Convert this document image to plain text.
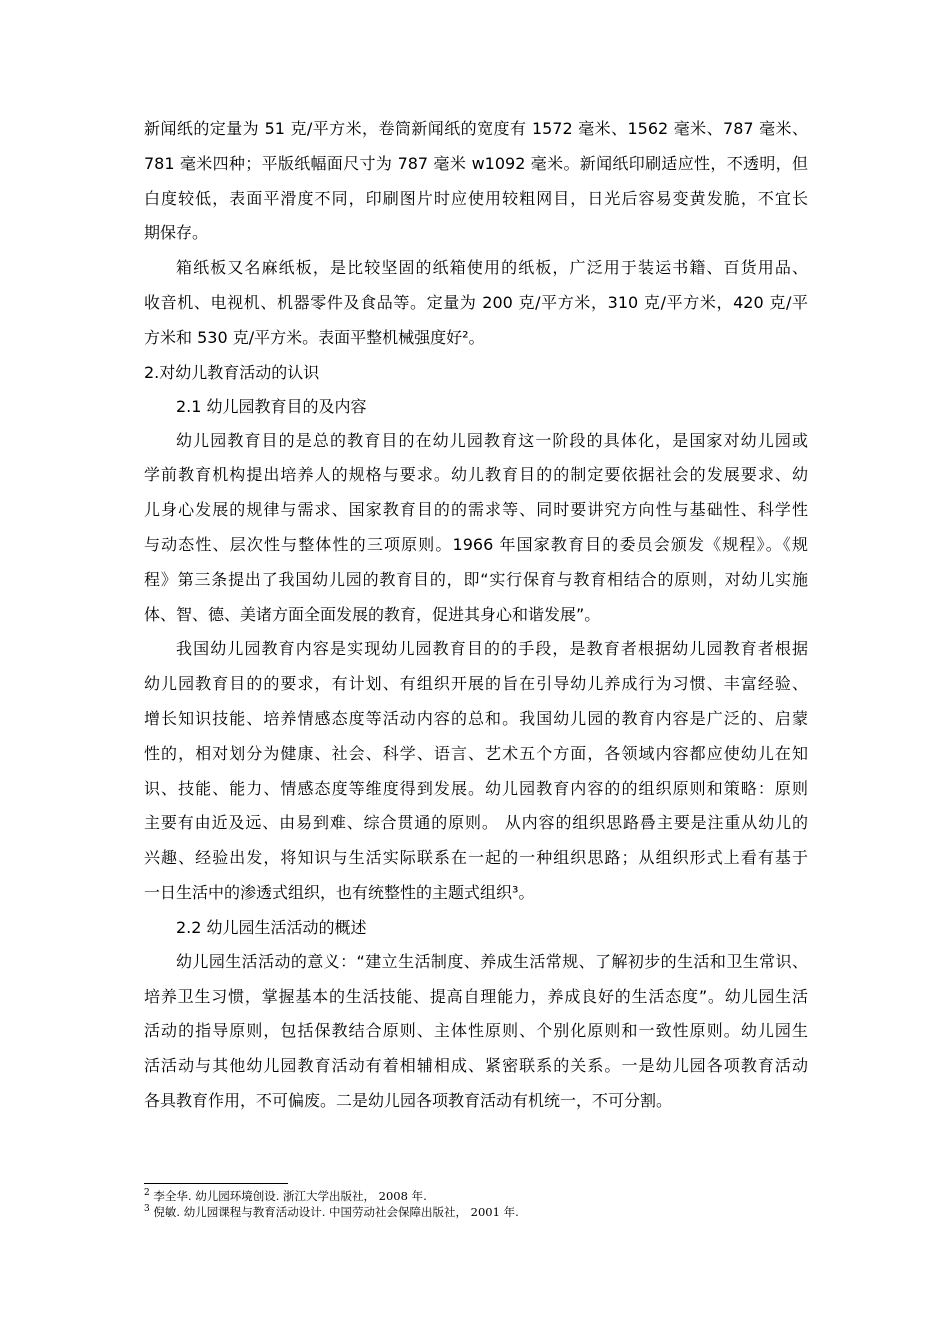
新闻纸的定量为 51 克/平方米，卷筒新闻纸的宽度有 1572 毫米、1562 毫米、787 毫米、
781 毫米四种；平版纸幅面尺寸为 787 毫米 w1092 毫米。新闻纸印刷适应性，不透明，但
白度较低，表面平滑度不同，印刷图片时应使用较粗网目，日光后容易变黄发脆，不宜长
期保存。
箱纸板又名麻纸板，是比较坚固的纸箱使用的纸板，广泛用于装运书籍、百货用品、
收音机、电视机、机器零件及食品等。定量为 200 克/平方米，310 克/平方米，420 克/平
方米和 530 克/平方米。表面平整机械强度好²。
2.对幼儿教育活动的认识
2.1 幼儿园教育目的及内容
幼儿园教育目的是总的教育目的在幼儿园教育这一阶段的具体化，是国家对幼儿园或
学前教育机构提出培养人的规格与要求。幼儿教育目的的制定要依据社会的发展要求、幼
儿身心发展的规律与需求、国家教育目的的需求等、同时要讲究方向性与基础性、科学性
与动态性、层次性与整体性的三项原则。1966 年国家教育目的委员会颁发《规程》。《规
程》第三条提出了我国幼儿园的教育目的，即“实行保育与教育相结合的原则，对幼儿实施
体、智、德、美诸方面全面发展的教育，促进其身心和谐发展”。
我国幼儿园教育内容是实现幼儿园教育目的的手段，是教育者根据幼儿园教育者根据
幼儿园教育目的的要求，有计划、有组织开展的旨在引导幼儿养成行为习惯、丰富经验、
增长知识技能、培养情感态度等活动内容的总和。我国幼儿园的教育内容是广泛的、启蒙
性的，相对划分为健康、社会、科学、语言、艺术五个方面，各领域内容都应使幼儿在知
识、技能、能力、情感态度等维度得到发展。幼儿园教育内容的的组织原则和策略：原则
主要有由近及远、由易到难、综合贯通的原则。 从内容的组织思路噕主要是注重从幼儿的
兴趣、经验出发，将知识与生活实际联系在一起的一种组织思路；从组织形式上看有基于
一日生活中的渗透式组织，也有统整性的主题式组织³。
2.2 幼儿园生活活动的概述
幼儿园生活活动的意义：“建立生活制度、养成生活常规、了解初步的生活和卫生常识、
培养卫生习惯，掌握基本的生活技能、提高自理能力，养成良好的生活态度”。幼儿园生活
活动的指导原则，包括保教结合原则、主体性原则、个别化原则和一致性原则。幼儿园生
活活动与其他幼儿园教育活动有着相辅相成、紧密联系的关系。一是幼儿园各项教育活动
各具教育作用，不可偏废。二是幼儿园各项教育活动有机统一，不可分割。
$^2$ 李全华. 幼儿园环境创设. 浙江大学出版社， 2008 年.
$^3$ 倪敏. 幼儿园课程与教育活动设计. 中国劳动社会保障出版社， 2001 年.
